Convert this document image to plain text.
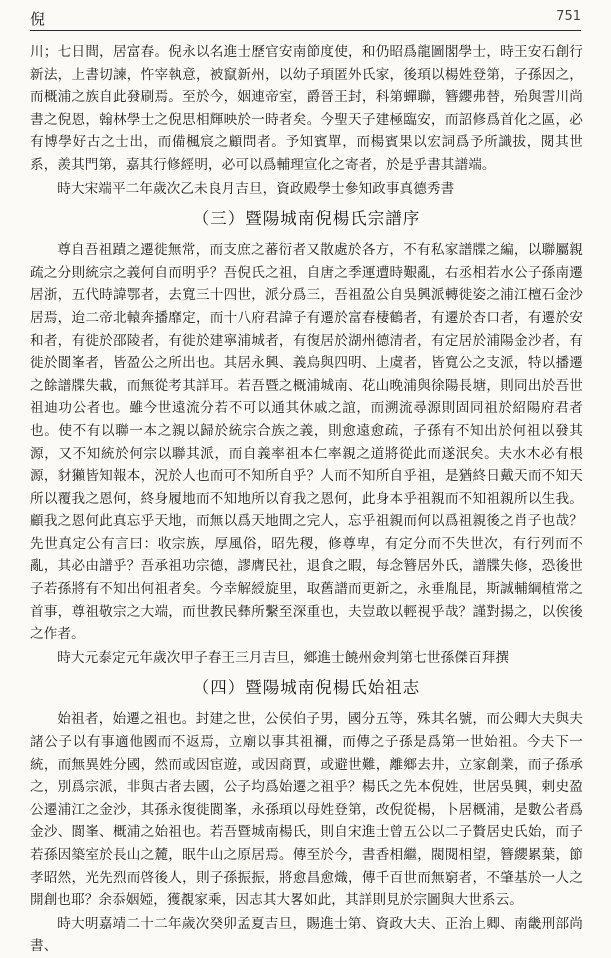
倪	751

川；七日間，居富春。倪永以名進士歷官安南節度使，和仍昭爲龍圖閣學士，時王安石創行新法，上書切諫，忤宰執意，被竄新州，以幼子頊匿外氏家，後頊以楊姓登第，子孫因之，而概浦之族自此發刷焉。至於今，姻連帝室，爵晉王封，科第蟬聯，簪纓弗替，殆與霅川尚書之倪恩，翰林學士之倪思相輝映於一時者矣。今聖天子建極臨安，而詔修爲首化之區，必有博學好古之士出，而備楓宸之顧問者。予知賓單，而楊賓果以宏詞爲予所識拔，閱其世系，羨其門第，嘉其行修經明，必可以爲輔理宣化之寄者，於是乎書其譜端。

時大宋端平二年歲次乙未良月吉旦，資政殿學士參知政事真德秀書

（三）暨陽城南倪楊氏宗譜序

尊自吾祖蹟之遷徙無常，而支庶之蕃衍者又散處於各方，不有私家譜牒之編，以聯屬親疏之分則統宗之義何自而明乎？吾倪氏之祖，自唐之季運遭時艱亂，右丞相若水公子孫南遷居浙，五代時諱鄂者，去寬三十四世，派分爲三，吾祖盈公自吳興派轉徙姿之浦江檀石金沙居焉，迨二帝北轅奔播靡定，而十八府君諱子有遷於富春棲鶴者，有遷於杏口者，有遷於安和者，有徙於邵陵者，有徙於建寧浦城者，有復居於湖州德清者，有定居於浦陽金沙者，有徙於閬峯者，皆盈公之所出也。其居永興、義烏與四明、上虞者，皆寬公之支派，特以播遷之餘譜牒失載，而無從考其詳耳。若吾暨之概浦城南、花山晚浦與徐陽長塘，則同出於吾世祖迪功公者也。雖今世遠流分若不可以通其休戚之誼，而溯流尋源則固同祖於紹陽府君者也。使不有以聯一本之親以歸於統宗合族之義，則愈遠愈疏，子孫有不知出於何祖以發其源，又不知統於何宗以聯其派，而自義率祖本仁率親之道將從此而遂泯矣。夫水木必有根源，豺獺皆知報本，況於人也而可不知所自乎？人而不知所自乎祖，是猶終日戴天而不知天所以覆我之恩何，終身履地而不知地所以育我之恩何，此身本乎祖親而不知祖親所以生我。顧我之恩何此真忘乎天地，而無以爲天地間之完人，忘乎祖親而何以爲祖親後之肖子也哉？先世真定公有言曰：收宗族，厚風俗，昭先稷，修尊卑，有定分而不失世次，有行列而不亂，其必由譜乎？吾承祖功宗德，謬膺民社，退食之暇，每念簪居外氏，譜牒失修，恐後世子若孫將有不知出何祖者矣。今幸解綬旋里，取舊譜而更新之，永垂胤昆，斯誠輔綱植常之首事，尊祖敬宗之大端，而世教民彝所繫至深重也，夫豈敢以輕視乎哉？謹對揚之，以俟後之作者。

時大元泰定元年歲次甲子春王三月吉旦，鄉進士饒州僉判第七世孫傑百拜撰

（四）暨陽城南倪楊氏始祖志

始祖者，始遷之祖也。封建之世，公侯伯子男，國分五等，殊其名號，而公卿大夫與夫諸公子以有事適他國而不返焉，立廟以事其祖禰，而傳之子孫是爲第一世始祖。今夫下一統，而無異姓分國，然而或因宦遊，或因商賈，或避世難，離鄉去井，立家創業，而子孫承之，別爲宗派，非與古者去國，公子均爲始遷之祖乎？楊氏之先本倪姓，世居吳興，剌史盈公遷浦江之金沙，其孫永復徙閬峯，永孫頊以母姓登第，改倪從楊，卜居概浦，是數公者爲金沙、閬峯、概浦之始祖也。若吾暨城南楊氏，則自宋進士曾五公以二子贅居史氏始，而子若孫因築室於長山之麓，眠牛山之原居焉。傳至於今，書香相繼，閥閱相望，簪纓累葉，節孝昭然，光先烈而啓後人，則子孫振振，將愈昌愈熾，傳千百世而無窮者，不肇基於一人之開創也耶？余忝姻婭，獲覩家乘，因志其大畧如此，其詳則見於宗圖與大世系云。

時大明嘉靖二十二年歲次癸卯孟夏吉旦，賜進士第、資政大夫、正治上卿、南畿刑部尚書、
